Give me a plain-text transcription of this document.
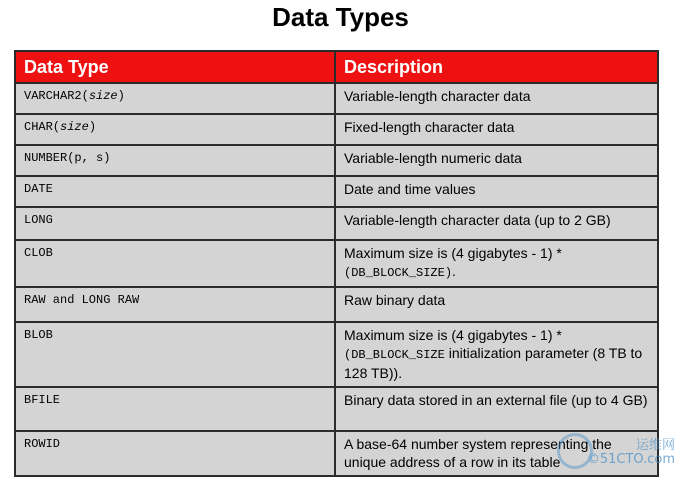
Data Types
Data Type	Description
VARCHAR2(size)	Variable-length character data
CHAR(size)	Fixed-length character data
NUMBER(p, s)	Variable-length numeric data
DATE	Date and time values
LONG	Variable-length character data (up to 2 GB)
CLOB	Maximum size is (4 gigabytes - 1) * (DB_BLOCK_SIZE).
RAW and LONG RAW	Raw binary data
BLOB	Maximum size is (4 gigabytes - 1) * (DB_BLOCK_SIZE initialization parameter (8 TB to 128 TB)).
BFILE	Binary data stored in an external file (up to 4 GB)
ROWID	A base-64 number system representing the unique address of a row in its table
运维网
©51CTO.com
